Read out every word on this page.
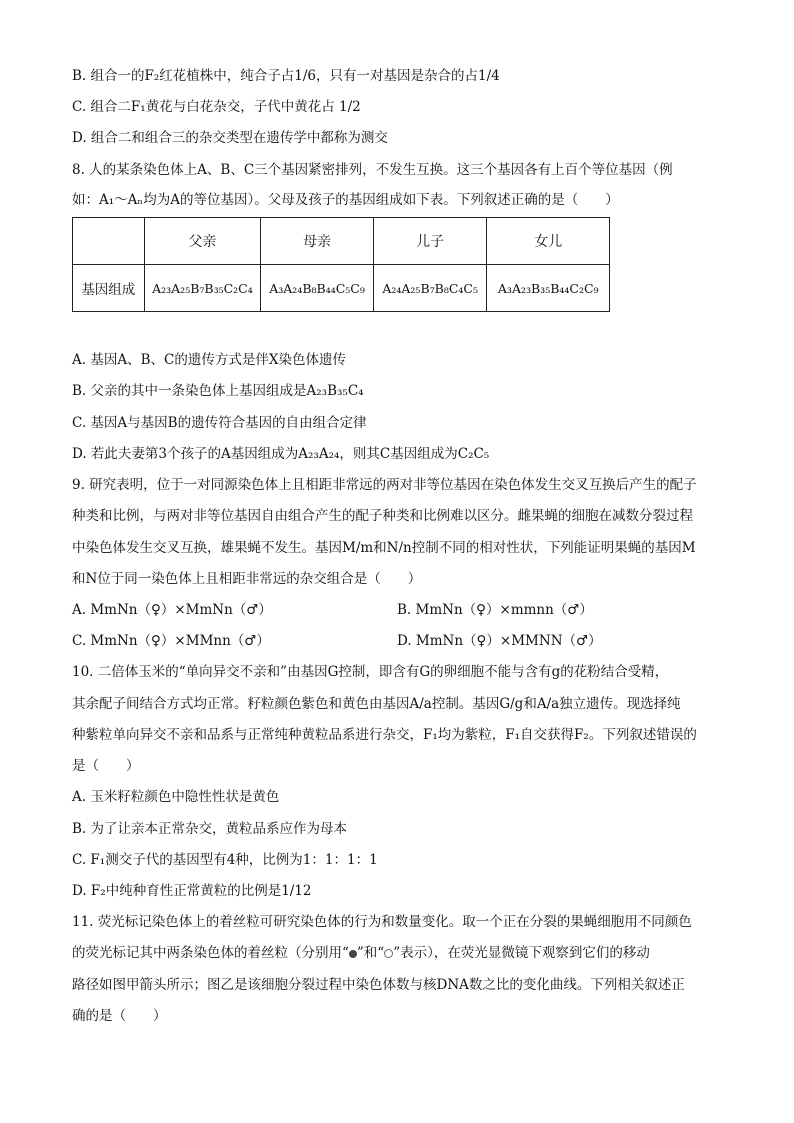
B. 组合一的F₂红花植株中，纯合子占1/6，只有一对基因是杂合的占1/4
C. 组合二F₁黄花与白花杂交，子代中黄花占 1/2
D. 组合二和组合三的杂交类型在遗传学中都称为测交
8. 人的某条染色体上A、B、C三个基因紧密排列，不发生互换。这三个基因各有上百个等位基因（例
如：A₁～Aₙ均为A的等位基因）。父母及孩子的基因组成如下表。下列叙述正确的是（　　）
	父亲	母亲	儿子	女儿
基因组成	A₂₃A₂₅B₇B₃₅C₂C₄	A₃A₂₄B₈B₄₄C₅C₉	A₂₄A₂₅B₇B₈C₄C₅	A₃A₂₃B₃₅B₄₄C₂C₉
A. 基因A、B、C的遗传方式是伴X染色体遗传
B. 父亲的其中一条染色体上基因组成是A₂₃B₃₅C₄
C. 基因A与基因B的遗传符合基因的自由组合定律
D. 若此夫妻第3个孩子的A基因组成为A₂₃A₂₄，则其C基因组成为C₂C₅
9. 研究表明，位于一对同源染色体上且相距非常远的两对非等位基因在染色体发生交叉互换后产生的配子
种类和比例，与两对非等位基因自由组合产生的配子种类和比例难以区分。雌果蝇的细胞在减数分裂过程
中染色体发生交叉互换，雄果蝇不发生。基因M/m和N/n控制不同的相对性状，下列能证明果蝇的基因M
和N位于同一染色体上且相距非常远的杂交组合是（　　）
A. MmNn（♀）×MmNn（♂）	B. MmNn（♀）×mmnn（♂）
C. MmNn（♀）×MMnn（♂）	D. MmNn（♀）×MMNN（♂）
10. 二倍体玉米的“单向异交不亲和”由基因G控制，即含有G的卵细胞不能与含有g的花粉结合受精，
其余配子间结合方式均正常。籽粒颜色紫色和黄色由基因A/a控制。基因G/g和A/a独立遗传。现选择纯
种紫粒单向异交不亲和品系与正常纯种黄粒品系进行杂交，F₁均为紫粒，F₁自交获得F₂。下列叙述错误的
是（　　）
A. 玉米籽粒颜色中隐性性状是黄色
B. 为了让亲本正常杂交，黄粒品系应作为母本
C. F₁测交子代的基因型有4种，比例为1：1：1：1
D. F₂中纯种育性正常黄粒的比例是1/12
11. 荧光标记染色体上的着丝粒可研究染色体的行为和数量变化。取一个正在分裂的果蝇细胞用不同颜色
的荧光标记其中两条染色体的着丝粒（分别用“ ”和“ ”表示），在荧光显微镜下观察到它们的移动
路径如图甲箭头所示；图乙是该细胞分裂过程中染色体数与核DNA数之比的变化曲线。下列相关叙述正
确的是（　　）
